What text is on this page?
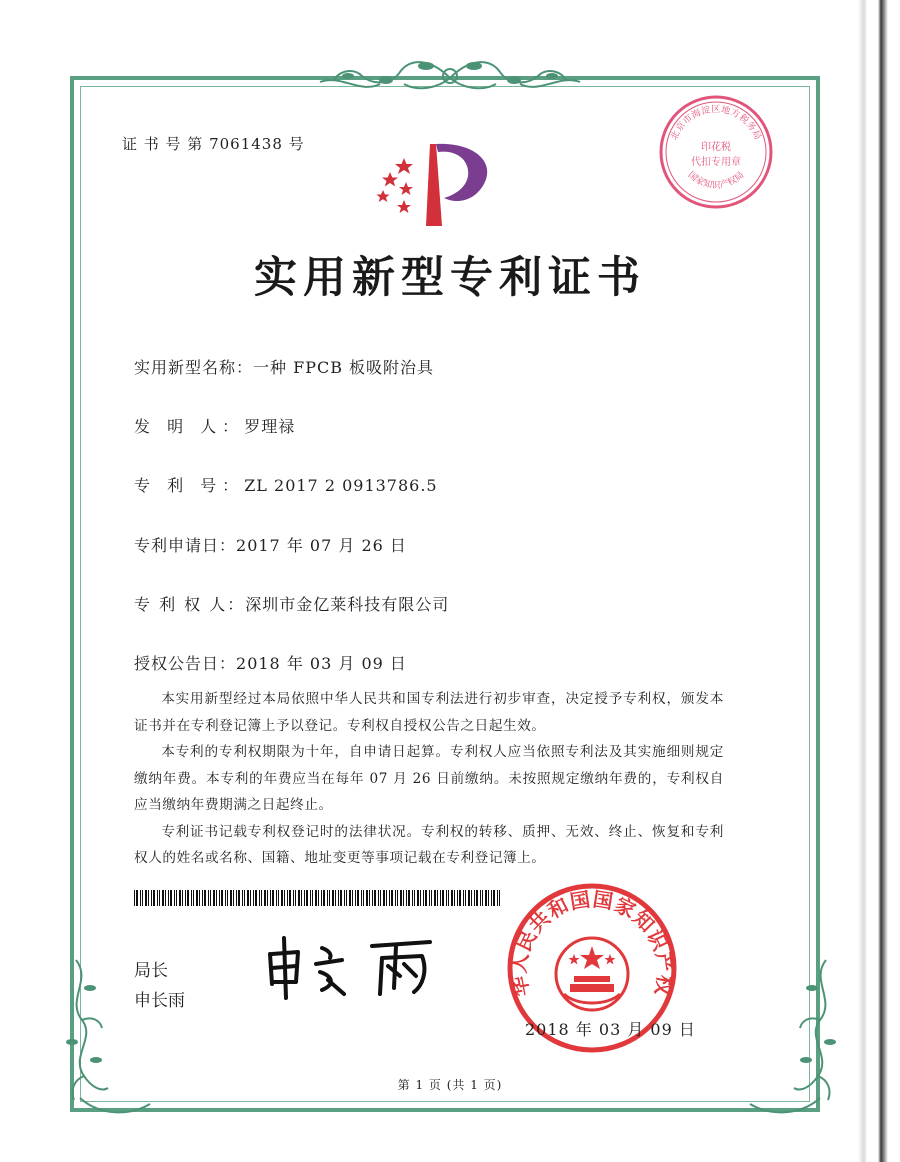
证 书 号 第 7061438 号	北京市海淀区地方税务局
印花税
代扣专用章
国家知识产权局
实用新型专利证书
实用新型名称：一种 FPCB 板吸附治具
发 明 人：罗理禄
专 利 号：ZL 2017 2 0913786.5
专利申请日：2017 年 07 月 26 日
专 利 权 人：深圳市金亿莱科技有限公司
授权公告日：2018 年 03 月 09 日

本实用新型经过本局依照中华人民共和国专利法进行初步审查，决定授予专利权，颁发本证书并在专利登记簿上予以登记。专利权自授权公告之日起生效。

本专利的专利权期限为十年，自申请日起算。专利权人应当依照专利法及其实施细则规定缴纳年费。本专利的年费应当在每年 07 月 26 日前缴纳。未按照规定缴纳年费的，专利权自应当缴纳年费期满之日起终止。

专利证书记载专利权登记时的法律状况。专利权的转移、质押、无效、终止、恢复和专利权人的姓名或名称、国籍、地址变更等事项记载在专利登记簿上。

局长
申长雨
中华人民共和国国家知识产权局
2018 年 03 月 09 日
第 1 页 (共 1 页)
